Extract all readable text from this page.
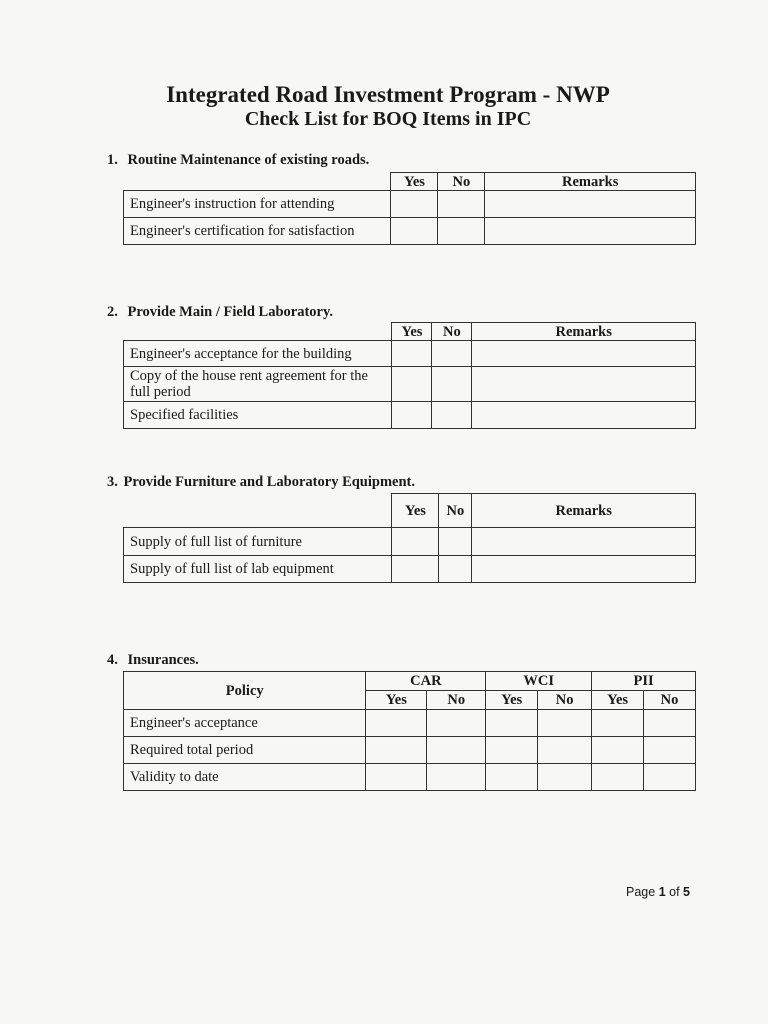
Integrated Road Investment Program - NWP
Check List for BOQ Items in IPC
1. Routine Maintenance of existing roads.
	Yes	No	Remarks
Engineer's instruction for attending			
Engineer's certification for satisfaction			
2. Provide Main / Field Laboratory.
	Yes	No	Remarks
Engineer's acceptance for the building			

Copy of the house rent agreement for the
full period			

Specified facilities			
3. Provide Furniture and Laboratory Equipment.
	Yes	No	Remarks
Supply of full list of furniture			
Supply of full list of lab equipment			
4. Insurances.
Policy	CAR		WCI		PII	
	Yes	No	Yes	No	Yes	No
Engineer's acceptance						
Required total period						
Validity to date						
Page 1 of 5
